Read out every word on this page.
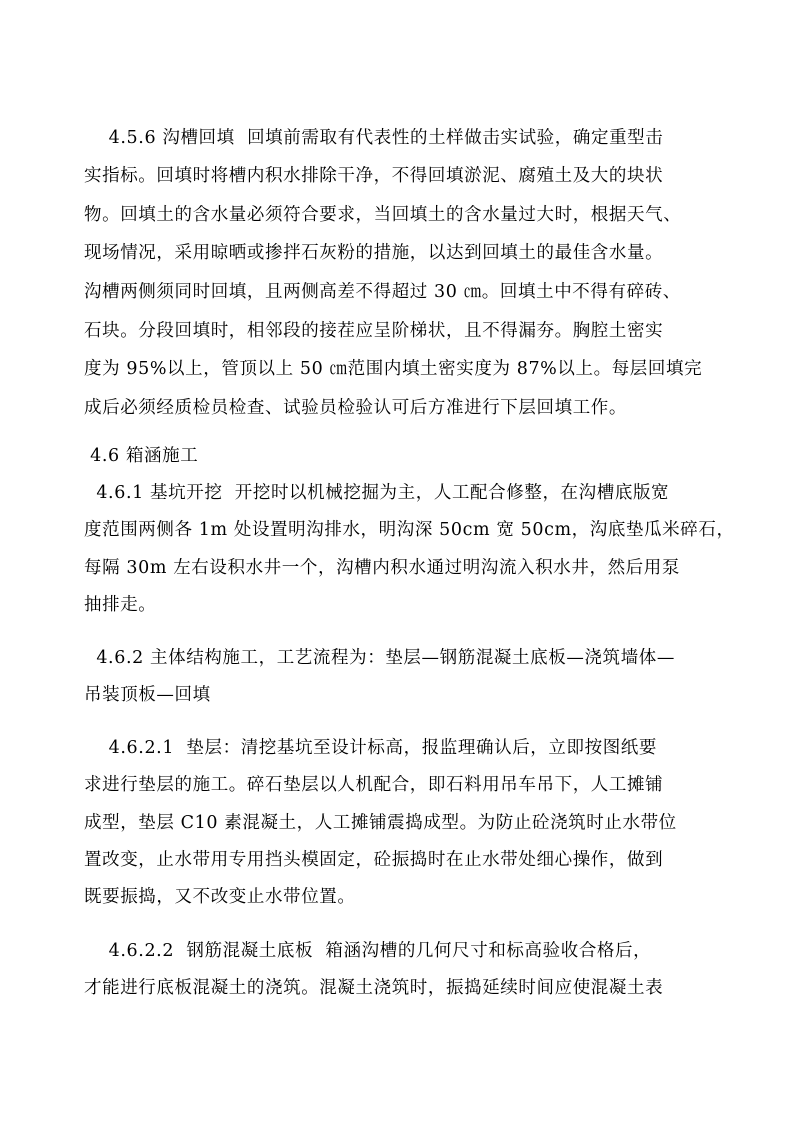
4.5.6 沟槽回填  回填前需取有代表性的土样做击实试验，确定重型击
实指标。回填时将槽内积水排除干净，不得回填淤泥、腐殖土及大的块状
物。回填土的含水量必须符合要求，当回填土的含水量过大时，根据天气、
现场情况，采用晾晒或掺拌石灰粉的措施，以达到回填土的最佳含水量。
沟槽两侧须同时回填，且两侧高差不得超过 30 ㎝。回填土中不得有碎砖、
石块。分段回填时，相邻段的接茬应呈阶梯状，且不得漏夯。胸腔土密实
度为 95%以上，管顶以上 50 ㎝范围内填土密实度为 87%以上。每层回填完
成后必须经质检员检查、试验员检验认可后方准进行下层回填工作。
4.6 箱涵施工
4.6.1 基坑开挖  开挖时以机械挖掘为主，人工配合修整，在沟槽底版宽
度范围两侧各 1m 处设置明沟排水，明沟深 50cm 宽 50cm，沟底垫瓜米碎石，
每隔 30m 左右设积水井一个，沟槽内积水通过明沟流入积水井，然后用泵
抽排走。
4.6.2 主体结构施工，工艺流程为：垫层—钢筋混凝土底板—浇筑墙体—
吊装顶板—回填
4.6.2.1  垫层：清挖基坑至设计标高，报监理确认后，立即按图纸要
求进行垫层的施工。碎石垫层以人机配合，即石料用吊车吊下，人工摊铺
成型，垫层 C10 素混凝土，人工摊铺震捣成型。为防止砼浇筑时止水带位
置改变，止水带用专用挡头模固定，砼振捣时在止水带处细心操作，做到
既要振捣，又不改变止水带位置。
4.6.2.2  钢筋混凝土底板  箱涵沟槽的几何尺寸和标高验收合格后，
才能进行底板混凝土的浇筑。混凝土浇筑时，振捣延续时间应使混凝土表
